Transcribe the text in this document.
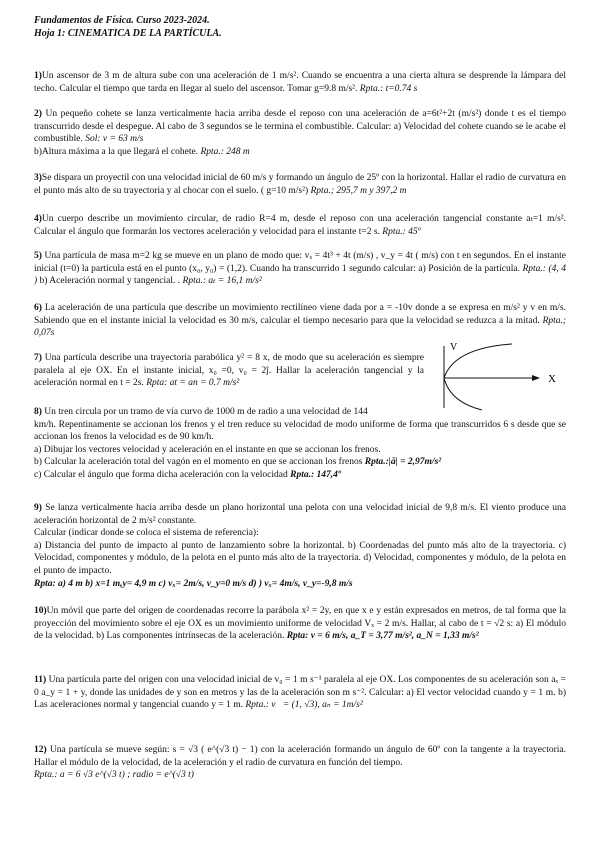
Fundamentos de Física. Curso 2023-2024.
Hoja 1: CINEMATICA DE LA PARTÍCULA.

1)Un ascensor de 3 m de altura sube con una aceleración de 1 m/s². Cuando se encuentra a una cierta altura se desprende la lámpara del techo. Calcular el tiempo que tarda en llegar al suelo del ascensor. Tomar g=9.8 m/s². Rpta.: t=0.74 s

2) Un pequeño cohete se lanza verticalmente hacia arriba desde el reposo con una aceleración de a=6t²+2t (m/s²) donde t es el tiempo transcurrido desde el despegue. Al cabo de 3 segundos se le termina el combustible. Calcular: a) Velocidad del cohete cuando se le acabe el combustible. Sol: v = 63 m/s
b)Altura máxima a la que llegará el cohete. Rpta.: 248 m

3)Se dispara un proyectil con una velocidad inicial de 60 m/s y formando un ángulo de 25º con la horizontal. Hallar el radio de curvatura en el punto más alto de su trayectoria y al chocar con el suelo. ( g=10 m/s²) Rpta.; 295,7 m y 397,2 m

4)Un cuerpo describe un movimiento circular, de radio R=4 m, desde el reposo con una aceleración tangencial constante aₜ=1 m/s². Calcular el ángulo que formarán los vectores aceleración y velocidad para el instante t=2 s. Rpta.: 45º

5) Una partícula de masa m=2 kg se mueve en un plano de modo que: vₓ = 4t³ + 4t (m/s) , v_y = 4t ( m/s) con t en segundos. En el instante inicial (t=0) la partícula está en el punto (x₀, y₀) = (1,2). Cuando ha transcurrido 1 segundo calcular: a) Posición de la partícula. Rpta.: (4, 4 ) b) Aceleración normal y tangencial. . Rpta.: aₜ = 16,1 m/s²

6) La aceleración de una partícula que describe un movimiento rectilíneo viene dada por a = -10v donde a se expresa en m/s² y v en m/s. Sabiendo que en el instante inicial la velocidad es 30 m/s, calcular el tiempo necesario para que la velocidad se reduzca a la mitad. Rpta.; 0,07s

7) Una partícula describe una trayectoria parabólica y² = 8 x, de modo que su aceleración es siempre paralela al eje OX. En el instante inicial, x₀ =0, v₀ = 2ĵ. Hallar la aceleración tangencial y la aceleración normal en t = 2s. Rpta: at = an = 0.7 m/s²

V
X

8) Un tren circula por un tramo de vía curvo de 1000 m de radio a una velocidad de 144
km/h. Repentinamente se accionan los frenos y el tren reduce su velocidad de modo uniforme de forma que transcurridos 6 s desde que se accionan los frenos la velocidad es de 90 km/h.
a) Dibujar los vectores velocidad y aceleración en el instante en que se accionan los frenos.
b) Calcular la aceleración total del vagón en el momento en que se accionan los frenos Rpta.:|ā| = 2,97m/s²
c) Calcular el ángulo que forma dicha aceleración con la velocidad Rpta.: 147,4º

9) Se lanza verticalmente hacia arriba desde un plano horizontal una pelota con una velocidad inicial de 9,8 m/s. El viento produce una aceleración horizontal de 2 m/s² constante.
Calcular (indicar donde se coloca el sistema de referencia):
a) Distancia del punto de impacto al punto de lanzamiento sobre la horizontal. b) Coordenadas del punto más alto de la trayectoria. c) Velocidad, componentes y módulo, de la pelota en el punto más alto de la trayectoria. d) Velocidad, componentes y módulo, de la pelota en el punto de impacto.
Rpta: a) 4 m b) x=1 m,y= 4,9 m c) vₓ= 2m/s, v_y=0 m/s d) ) vₓ= 4m/s, v_y=-9,8 m/s

10)Un móvil que parte del origen de coordenadas recorre la parábola x² = 2y, en que x e y están expresados en metros, de tal forma que la proyección del movimiento sobre el eje OX es un movimiento uniforme de velocidad Vₓ = 2 m/s. Hallar, al cabo de t = √2 s: a) El módulo de la velocidad. b) Las componentes intrínsecas de la aceleración. Rpta: v = 6 m/s, a_T = 3,77 m/s², a_N = 1,33 m/s²

11) Una partícula parte del origen con una velocidad inicial de v₀ = 1 m s⁻¹ paralela al eje OX. Los componentes de su aceleración son aₓ = 0 a_y = 1 + y, donde las unidades de y son en metros y las de la aceleración son m s⁻². Calcular: a) El vector velocidad cuando y = 1 m. b) Las aceleraciones normal y tangencial cuando y = 1 m. Rpta.: v⃗= (1, √3), aₙ = 1m/s²

12) Una partícula se mueve según: s = √3 ( e^(√3 t) − 1) con la aceleración formando un ángulo de 60º con la tangente a la trayectoria. Hallar el módulo de la velocidad, de la aceleración y el radio de curvatura en función del tiempo.
Rpta.: a = 6 √3 e^(√3 t) ; radio = e^(√3 t)
